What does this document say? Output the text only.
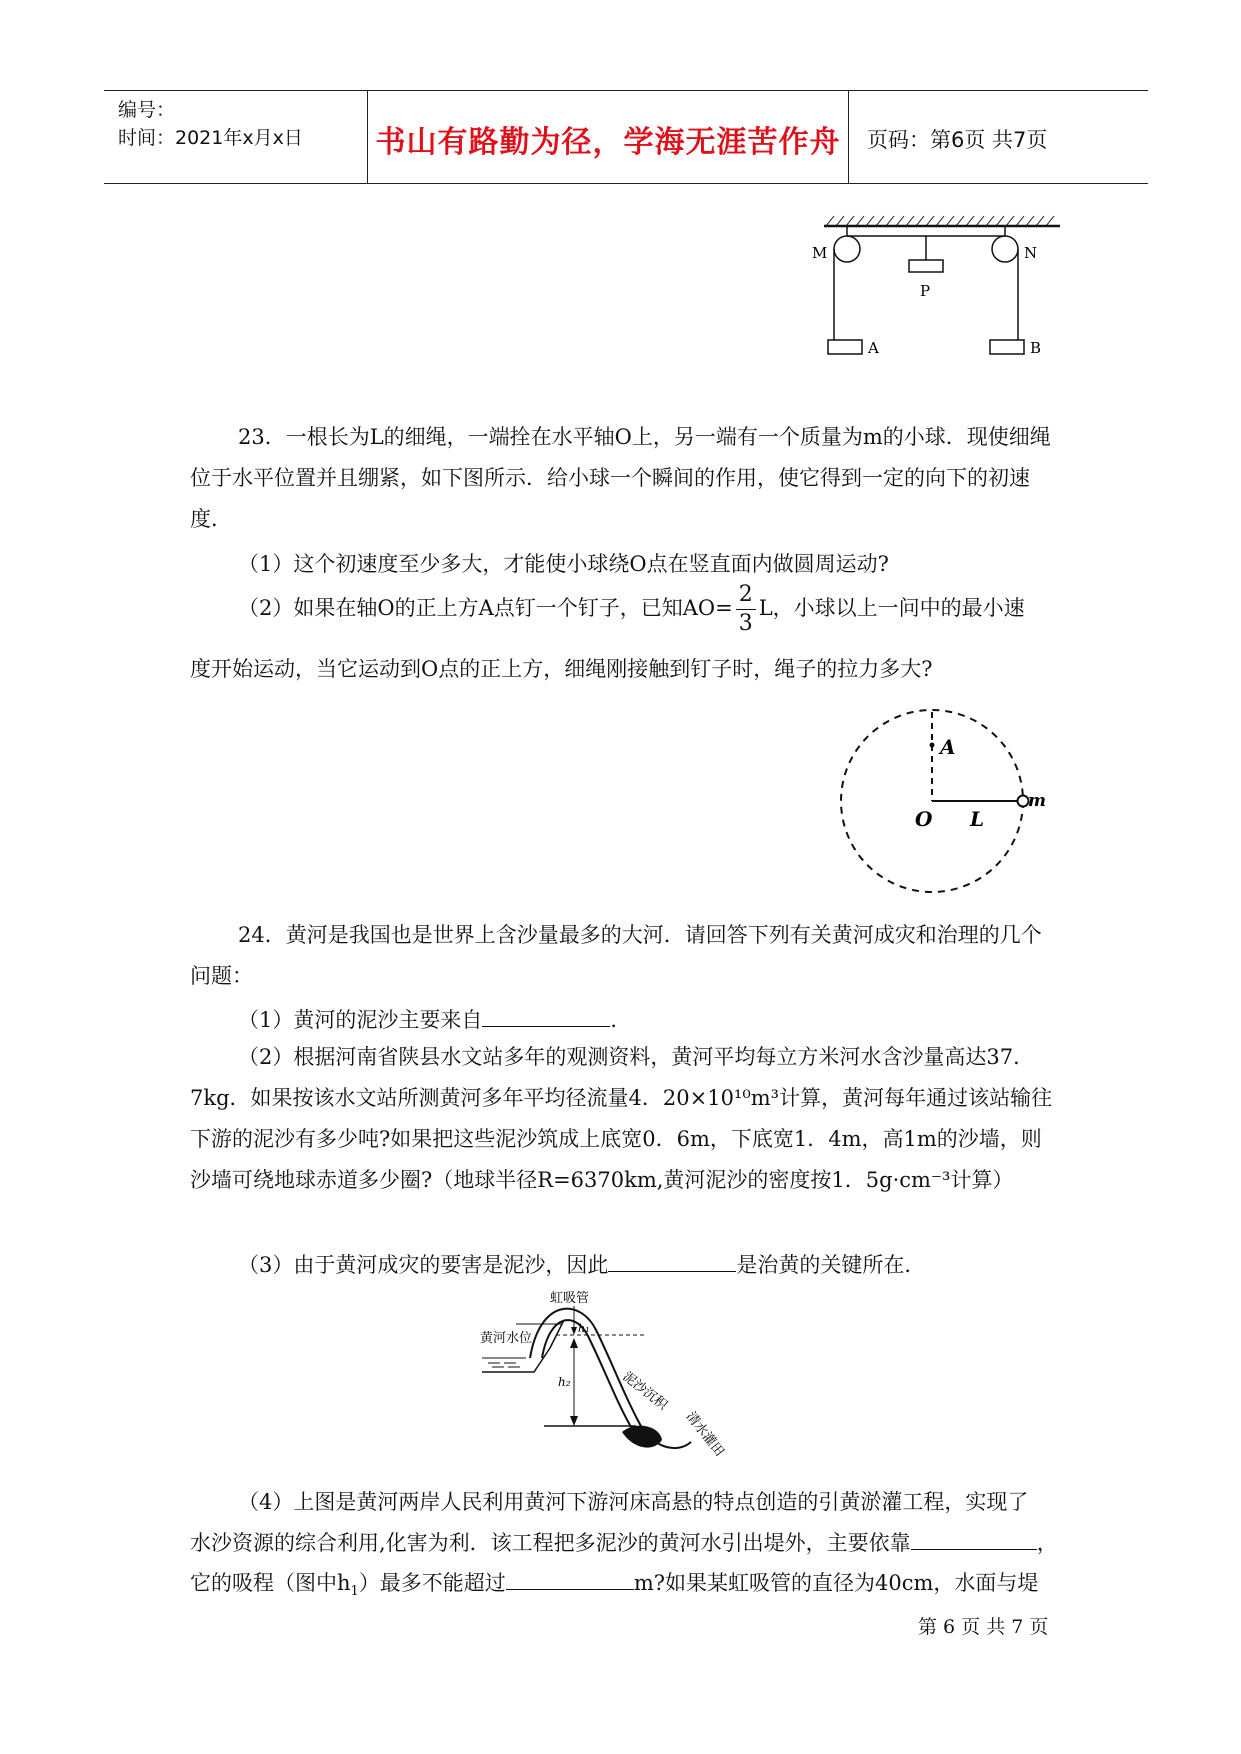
编号：
时间：2021年x月x日 书山有路勤为径，学海无涯苦作舟	页码：第6页 共7页
M	N
P
A	B

23．一根长为L的细绳，一端拴在水平轴O上，另一端有一个质量为m的小球．现使细绳位于水平位置并且绷紧，如下图所示．给小球一个瞬间的作用，使它得到一定的向下的初速度．

（1）这个初速度至少多大，才能使小球绕O点在竖直面内做圆周运动?
（2）如果在轴O的正上方A点钉一个钉子，已知$AO= \frac{2}{3}$ L，小球以上一问中的最小速
度开始运动，当它运动到O点的正上方，细绳刚接触到钉子时，绳子的拉力多大?
A
O L
m

24．黄河是我国也是世界上含沙量最多的大河．请回答下列有关黄河成灾和治理的几个问题：

（1）黄河的泥沙主要来自	．

（2）根据河南省陕县水文站多年的观测资料，黄河平均每立方米河水含沙量高达37．7kg．如果按该水文站所测黄河多年平均径流量4．20×10¹⁰m³计算，黄河每年通过该站输往下游的泥沙有多少吨?如果把这些泥沙筑成上底宽0．6m，下底宽1．4m，高1m的沙墙，则沙墙可绕地球赤道多少圈?（地球半径R=6370km,黄河泥沙的密度按1．5g·cm⁻³计算）

（3）由于黄河成灾的要害是泥沙，因此	是治黄的关键所在．
虹吸管
黄河水位
h₁
h₂	泥沙沉积
清水灌田
（4）上图是黄河两岸人民利用黄河下游河床高悬的特点创造的引黄淤灌工程，实现了
水沙资源的综合利用,化害为利．该工程把多泥沙的黄河水引出堤外，主要依靠	，
它的吸程（图中$h_1$）最多不能超过	m?如果某虹吸管的直径为40cm，水面与堤
第 6 页 共 7 页
